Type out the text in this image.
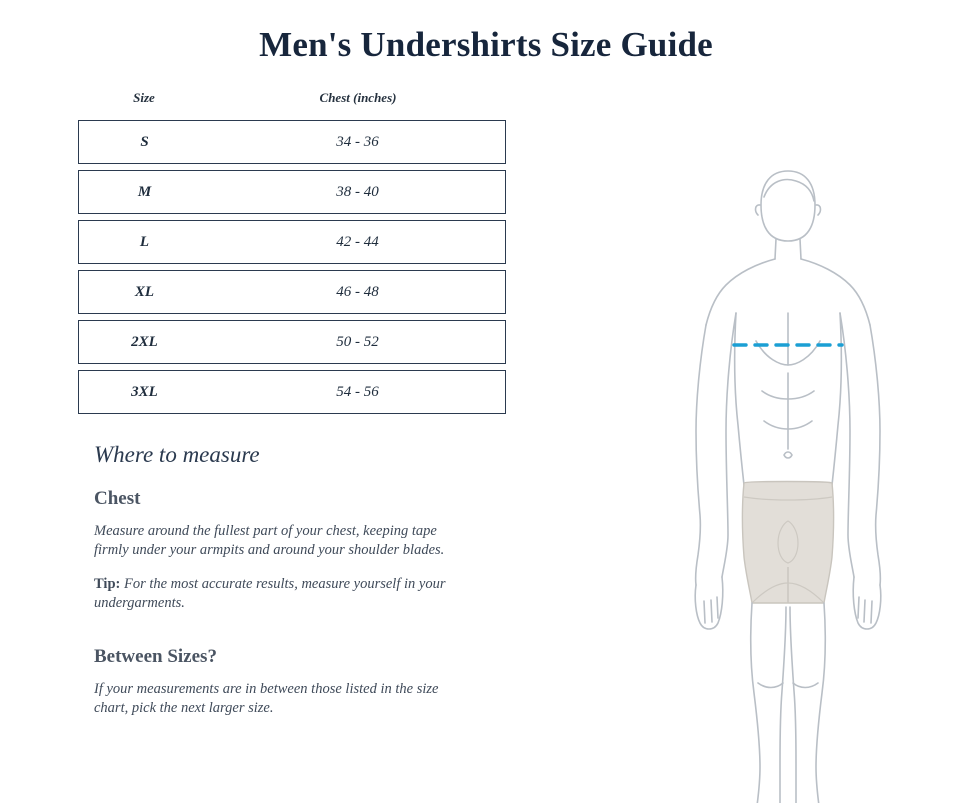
Men's Undershirts Size Guide
Size	Chest (inches)
S	34 - 36
M	38 - 40
L	42 - 44
XL	46 - 48
2XL	50 - 52
3XL	54 - 56
Where to measure
Chest

Measure around the fullest part of your chest, keeping tape firmly under your armpits and around your shoulder blades.

Tip: For the most accurate results, measure yourself in your undergarments.

Between Sizes?

If your measurements are in between those listed in the size chart, pick the next larger size.
